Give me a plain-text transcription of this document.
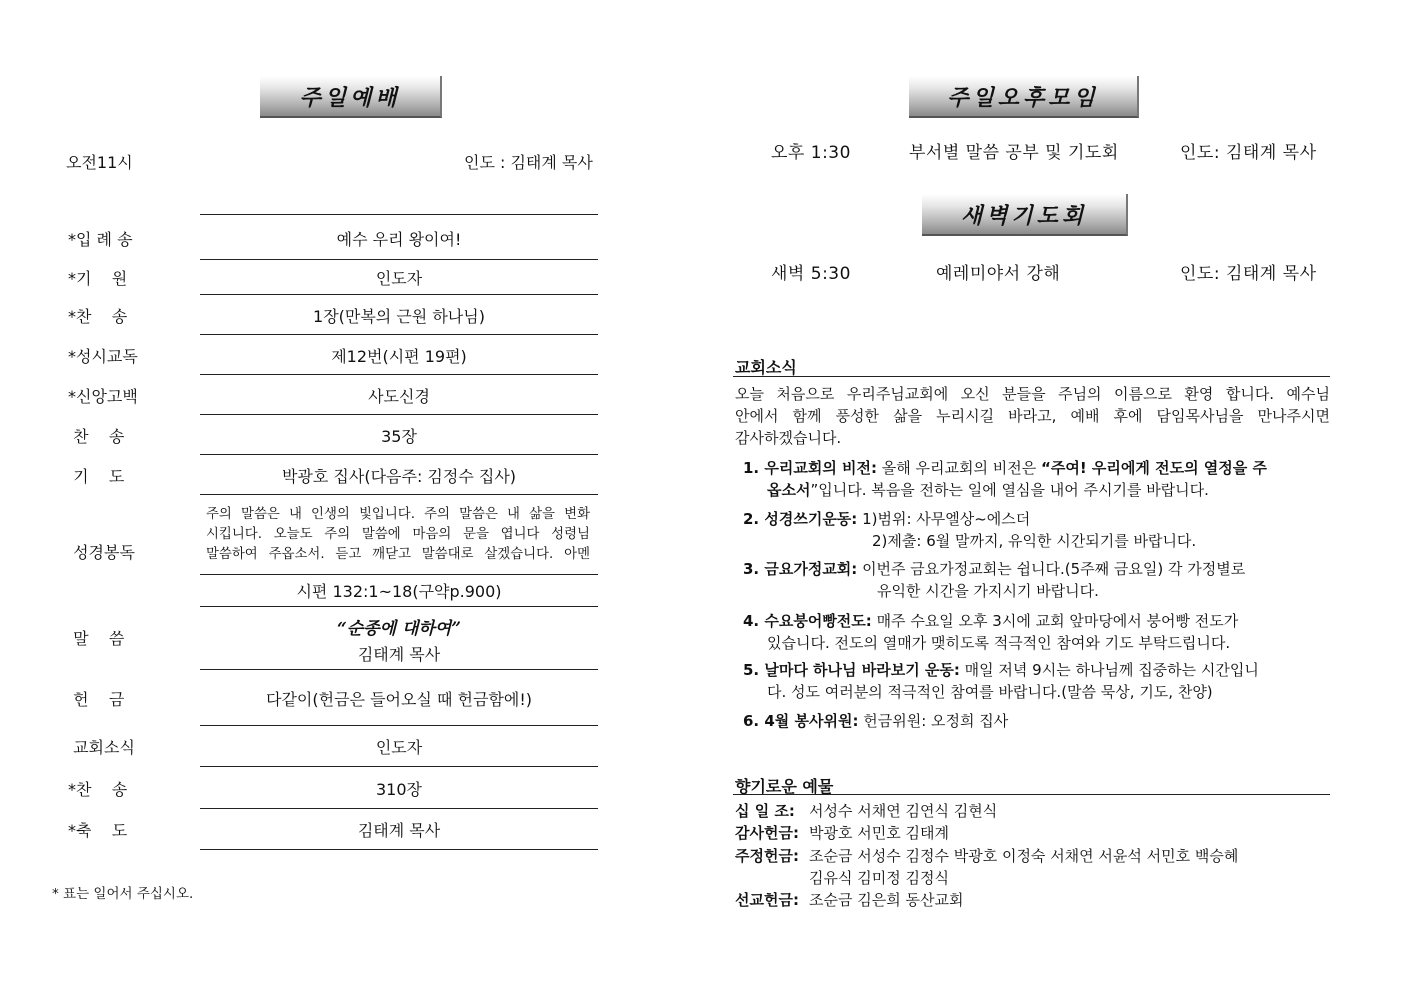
주일예배
오전11시	인도 : 김태계 목사
*입 례 송	예수 우리 왕이여!
*기    원	인도자
*찬    송	1장(만복의 근원 하나님)
*성시교독	제12번(시편 19편)
*신앙고백	사도신경
찬    송	35장
기    도	박광호 집사(다음주: 김정수 집사)
성경봉독
주의 말씀은 내 인생의 빛입니다. 주의 말씀은 내 삶을 변화
시킵니다. 오늘도 주의 말씀에 마음의 문을 엽니다 성령님
말씀하여 주옵소서. 듣고 깨닫고 말씀대로 살겠습니다. 아멘
시편 132:1~18(구약p.900)
말    씀	“순종에 대하여”
김태계 목사
헌    금	다같이(헌금은 들어오실 때 헌금함에!)
교회소식	인도자
*찬    송	310장
*축    도	김태계 목사
* 표는 일어서 주십시오.
주일오후모임
오후 1:30	부서별 말씀 공부 및 기도회	인도: 김태계 목사
새벽기도회
새벽 5:30	예레미야서 강해	인도: 김태계 목사
교회소식
오늘 처음으로 우리주님교회에 오신 분들을 주님의 이름으로 환영 합니다. 예수님
안에서 함께 풍성한 삶을 누리시길 바라고, 예배 후에 담임목사님을 만나주시면
감사하겠습니다.
1. 우리교회의 비전: 올해 우리교회의 비전은 “주여! 우리에게 전도의 열정을 주
옵소서”입니다. 복음을 전하는 일에 열심을 내어 주시기를 바랍니다.
2. 성경쓰기운동: 1)범위: 사무엘상~에스더
2)제출: 6월 말까지, 유익한 시간되기를 바랍니다.
3. 금요가정교회: 이번주 금요가정교회는 쉽니다.(5주째 금요일) 각 가정별로
유익한 시간을 가지시기 바랍니다.
4. 수요붕어빵전도: 매주 수요일 오후 3시에 교회 앞마당에서 붕어빵 전도가
있습니다. 전도의 열매가 맺히도록 적극적인 참여와 기도 부탁드립니다.
5. 날마다 하나님 바라보기 운동: 매일 저녁 9시는 하나님께 집중하는 시간입니
다. 성도 여러분의 적극적인 참여를 바랍니다.(말씀 묵상, 기도, 찬양)
6. 4월 봉사위원: 헌금위원: 오정희 집사
향기로운 예물
십 일 조: 서성수 서채연 김연식 김현식
감사헌금: 박광호 서민호 김태계
주정헌금: 조순금 서성수 김정수 박광호 이정숙 서채연 서윤석 서민호 백승혜
김유식 김미정 김정식
선교헌금: 조순금 김은희 동산교회
